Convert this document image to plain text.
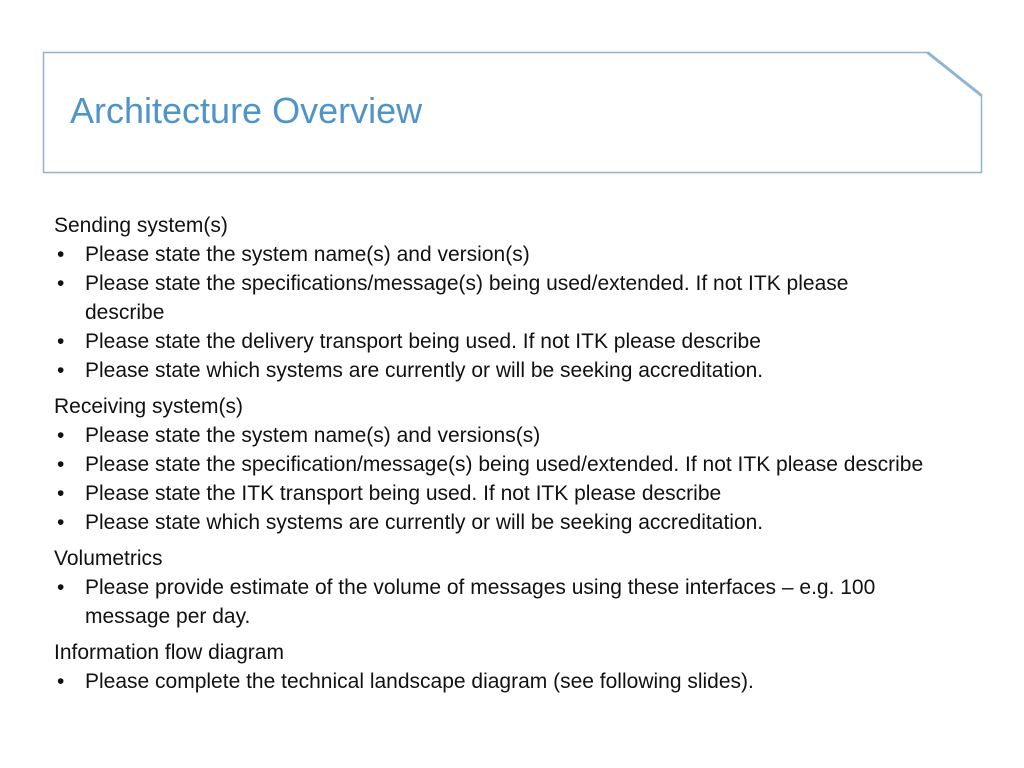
Architecture Overview

Sending system(s)

• Please state the system name(s) and version(s)
• Please state the specifications/message(s) being used/extended. If not ITK please describe
• Please state the delivery transport being used. If not ITK please describe
• Please state which systems are currently or will be seeking accreditation.

Receiving system(s)

• Please state the system name(s) and versions(s)
• Please state the specification/message(s) being used/extended. If not ITK please describe
• Please state the ITK transport being used. If not ITK please describe
• Please state which systems are currently or will be seeking accreditation.

Volumetrics

• Please provide estimate of the volume of messages using these interfaces – e.g. 100 message per day.

Information flow diagram

• Please complete the technical landscape diagram (see following slides).
